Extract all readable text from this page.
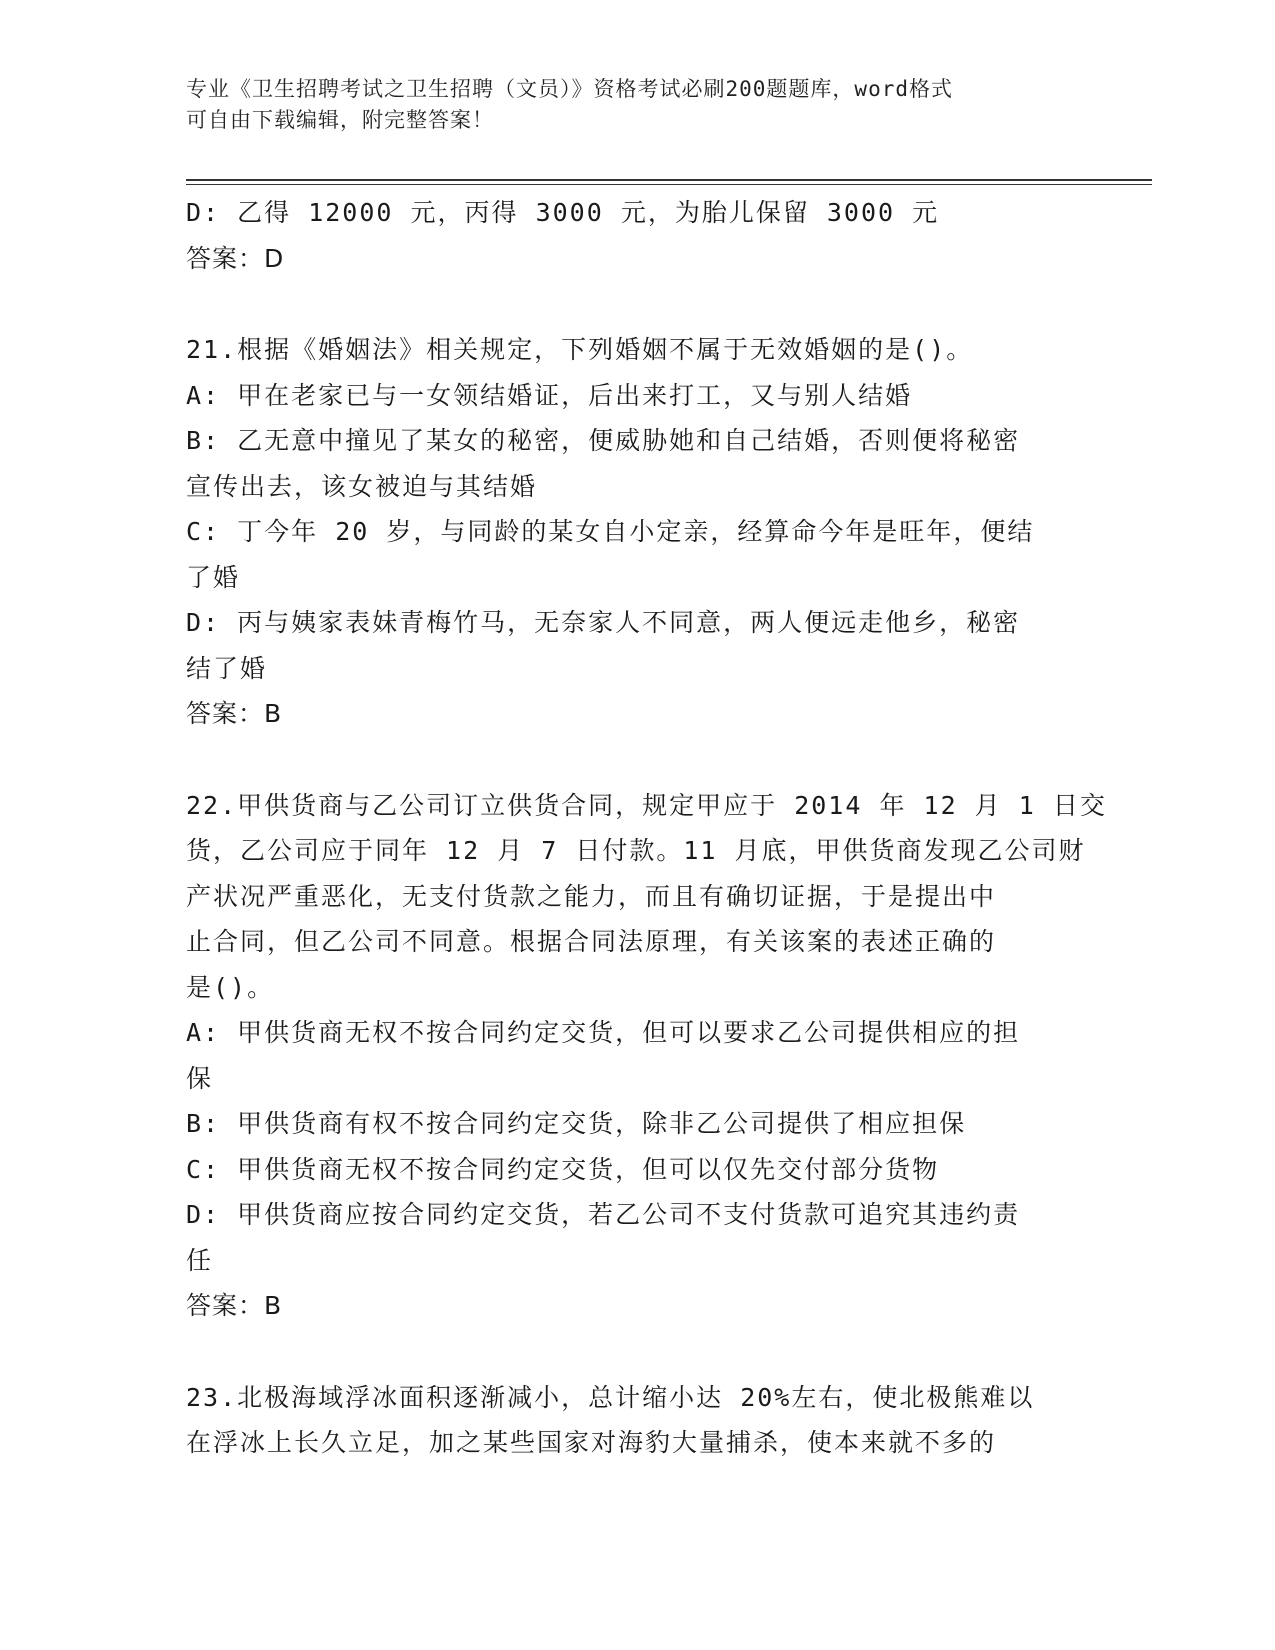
专业《卫生招聘考试之卫生招聘（文员）》资格考试必刷200题题库，word格式
可自由下载编辑，附完整答案！
D: 乙得 12000 元，丙得 3000 元，为胎儿保留 3000 元
答案：D
21.根据《婚姻法》相关规定，下列婚姻不属于无效婚姻的是()。
A: 甲在老家已与一女领结婚证，后出来打工，又与别人结婚
B: 乙无意中撞见了某女的秘密，便威胁她和自己结婚，否则便将秘密
宣传出去，该女被迫与其结婚
C: 丁今年 20 岁，与同龄的某女自小定亲，经算命今年是旺年，便结
了婚
D: 丙与姨家表妹青梅竹马，无奈家人不同意，两人便远走他乡，秘密
结了婚
答案：B
22.甲供货商与乙公司订立供货合同，规定甲应于 2014 年 12 月 1 日交
货，乙公司应于同年 12 月 7 日付款。11 月底，甲供货商发现乙公司财
产状况严重恶化，无支付货款之能力，而且有确切证据，于是提出中
止合同，但乙公司不同意。根据合同法原理，有关该案的表述正确的
是()。
A: 甲供货商无权不按合同约定交货，但可以要求乙公司提供相应的担
保
B: 甲供货商有权不按合同约定交货，除非乙公司提供了相应担保
C: 甲供货商无权不按合同约定交货，但可以仅先交付部分货物
D: 甲供货商应按合同约定交货，若乙公司不支付货款可追究其违约责
任
答案：B
23.北极海域浮冰面积逐渐减小，总计缩小达 20%左右，使北极熊难以
在浮冰上长久立足，加之某些国家对海豹大量捕杀，使本来就不多的
